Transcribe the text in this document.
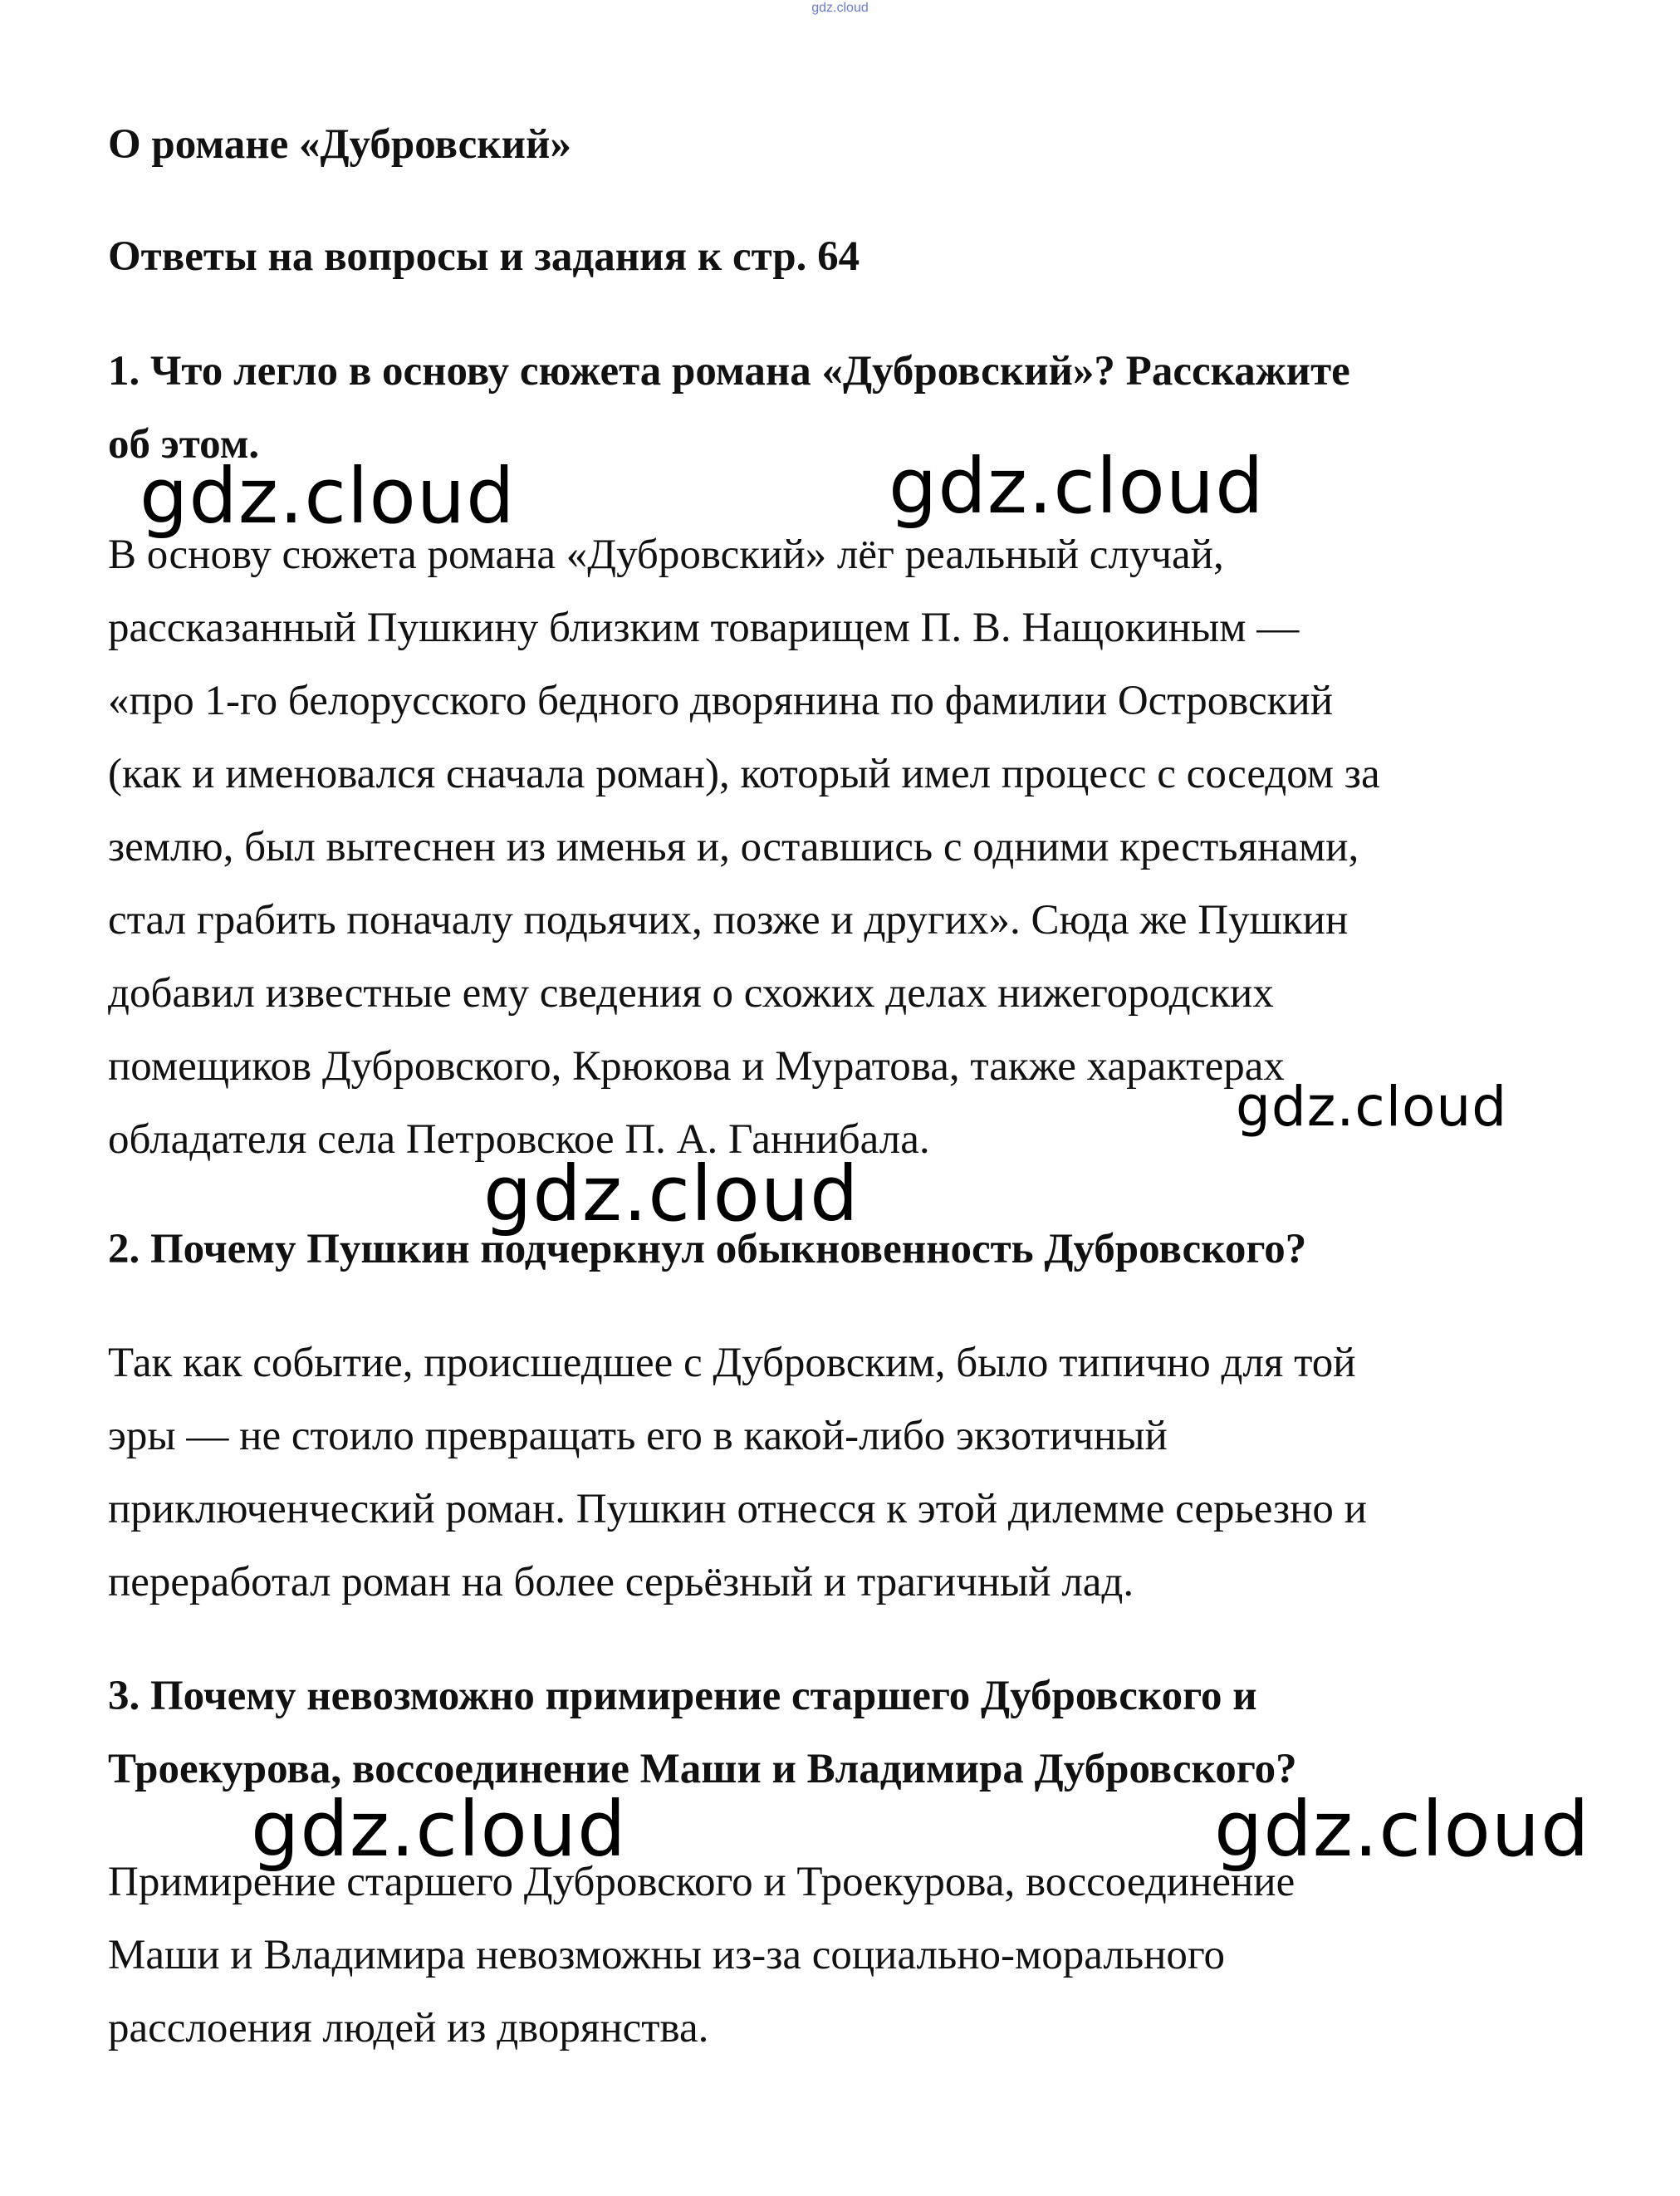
gdz.cloud
О романе «Дубровский»
Ответы на вопросы и задания к стр. 64
1. Что легло в основу сюжета романа «Дубровский»? Расскажите
об этом.
В основу сюжета романа «Дубровский» лёг реальный случай,
рассказанный Пушкину близким товарищем П. В. Нащокиным —
«про 1-го белорусского бедного дворянина по фамилии Островский
(как и именовался сначала роман), который имел процесс с соседом за
землю, был вытеснен из именья и, оставшись с одними крестьянами,
стал грабить поначалу подьячих, позже и других». Сюда же Пушкин
добавил известные ему сведения о схожих делах нижегородских
помещиков Дубровского, Крюкова и Муратова, также характерах
обладателя села Петровское П. А. Ганнибала.
2. Почему Пушкин подчеркнул обыкновенность Дубровского?
Так как событие, происшедшее с Дубровским, было типично для той
эры — не стоило превращать его в какой-либо экзотичный
приключенческий роман. Пушкин отнесся к этой дилемме серьезно и
переработал роман на более серьёзный и трагичный лад.
3. Почему невозможно примирение старшего Дубровского и
Троекурова, воссоединение Маши и Владимира Дубровского?
Примирение старшего Дубровского и Троекурова, воссоединение
Маши и Владимира невозможны из-за социально-морального
расслоения людей из дворянства.
gdz.cloud	gdz.cloud
gdz.cloud
gdz.cloud
gdz.cloud	gdz.cloud
